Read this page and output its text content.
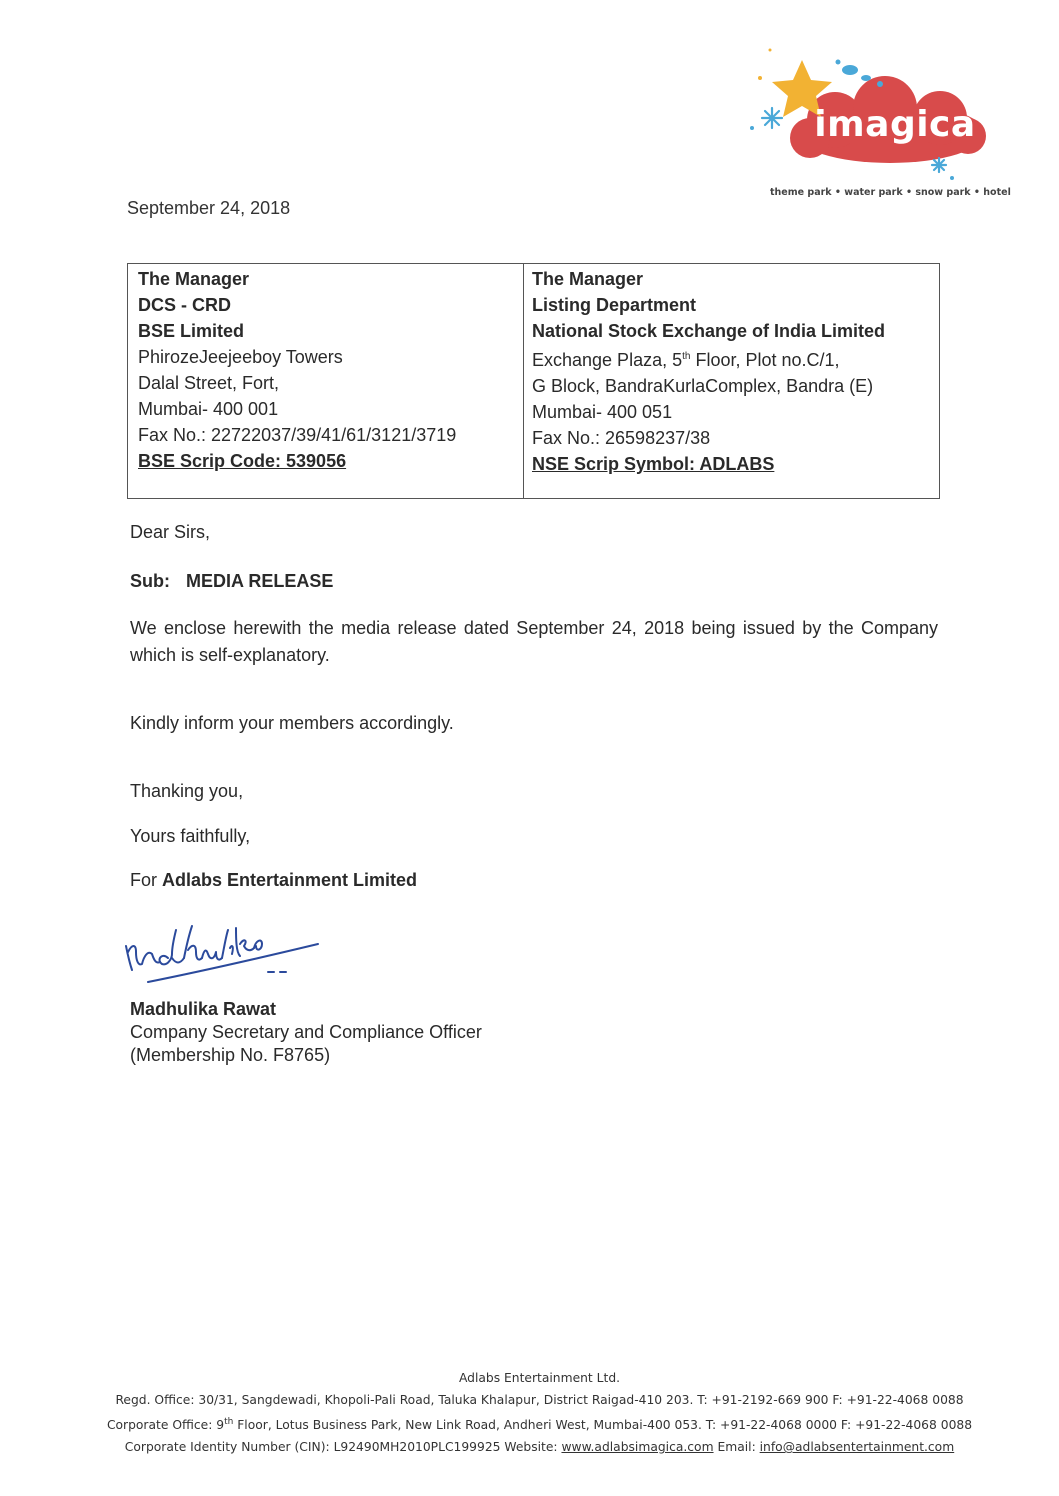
imagica
theme park • water park • snow park • hotel
September 24, 2018
The Manager
DCS - CRD
BSE Limited
PhirozeJeejeeboy Towers
Dalal Street, Fort,
Mumbai- 400 001
Fax No.: 22722037/39/41/61/3121/3719
BSE Scrip Code: 539056
The Manager
Listing Department
National Stock Exchange of India Limited
Exchange Plaza, 5th Floor, Plot no.C/1,
G Block, BandraKurlaComplex, Bandra (E)
Mumbai- 400 051
Fax No.: 26598237/38
NSE Scrip Symbol: ADLABS
Dear Sirs,
Sub: MEDIA RELEASE
We enclose herewith the media release dated September 24, 2018 being issued by the Company which is self-explanatory.
Kindly inform your members accordingly.
Thanking you,
Yours faithfully,
For Adlabs Entertainment Limited
Madhulika Rawat
Company Secretary and Compliance Officer
(Membership No. F8765)
Adlabs Entertainment Ltd.
Regd. Office: 30/31, Sangdewadi, Khopoli-Pali Road, Taluka Khalapur, District Raigad-410 203. T: +91-2192-669 900 F: +91-22-4068 0088
Corporate Office: 9th Floor, Lotus Business Park, New Link Road, Andheri West, Mumbai-400 053. T: +91-22-4068 0000 F: +91-22-4068 0088
Corporate Identity Number (CIN): L92490MH2010PLC199925 Website: www.adlabsimagica.com Email: info@adlabsentertainment.com
